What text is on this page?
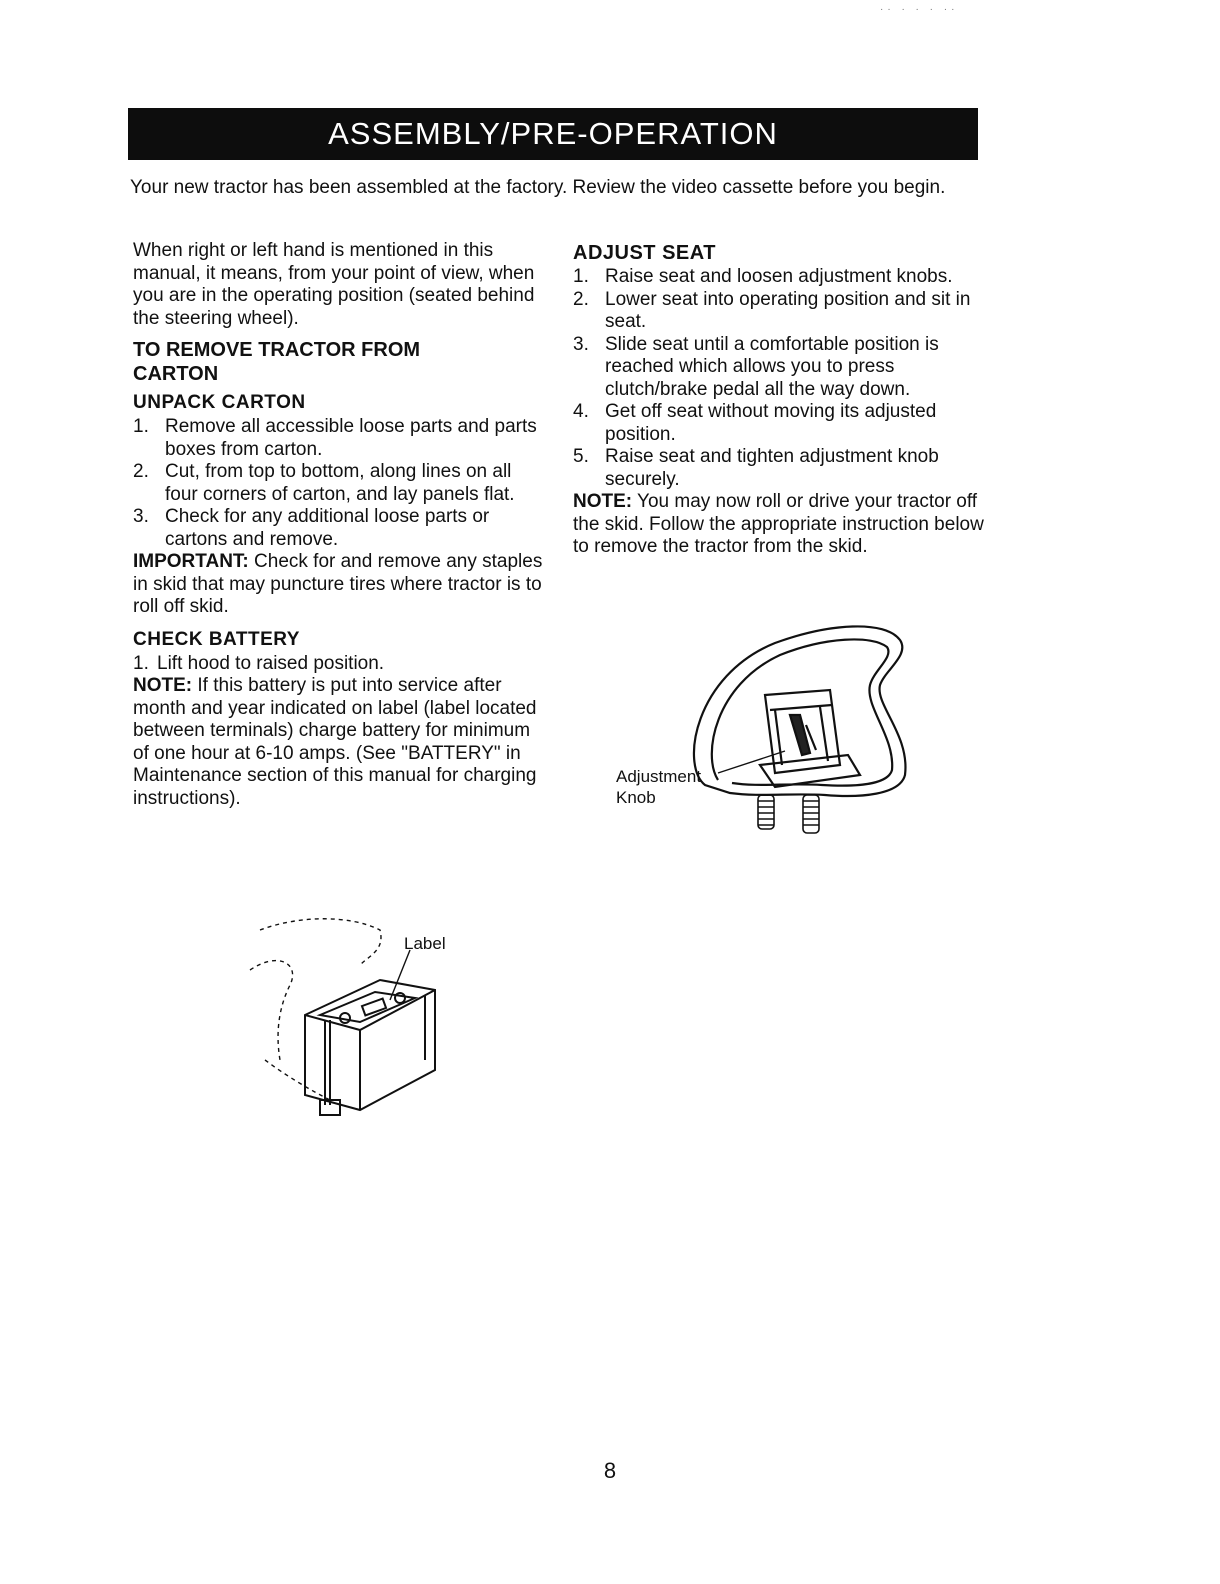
·· · · · ··
ASSEMBLY/PRE-OPERATION

Your new tractor has been assembled at the factory. Review the video cassette before you begin.

When right or left hand is mentioned in this manual, it means, from your point of view, when you are in the operating position (seated behind the steering wheel).

TO REMOVE TRACTOR FROM CARTON
UNPACK CARTON
1. Remove all accessible loose parts and parts boxes from carton.
2. Cut, from top to bottom, along lines on all four corners of carton, and lay panels flat.
3. Check for any additional loose parts or cartons and remove.

IMPORTANT: Check for and remove any staples in skid that may puncture tires where tractor is to roll off skid.

CHECK BATTERY
1. Lift hood to raised position.

NOTE: If this battery is put into service after month and year indicated on label (label located between terminals) charge battery for minimum of one hour at 6-10 amps. (See "BATTERY" in Maintenance section of this manual for charging instructions).

ADJUST SEAT
1. Raise seat and loosen adjustment knobs.
2. Lower seat into operating position and sit in seat.
3. Slide seat until a comfortable position is reached which allows you to press clutch/brake pedal all the way down.
4. Get off seat without moving its adjusted position.
5. Raise seat and tighten adjustment knob securely.

NOTE: You may now roll or drive your tractor off the skid. Follow the appropriate instruction below to remove the tractor from the skid.

Adjustment
Knob
Label
8
